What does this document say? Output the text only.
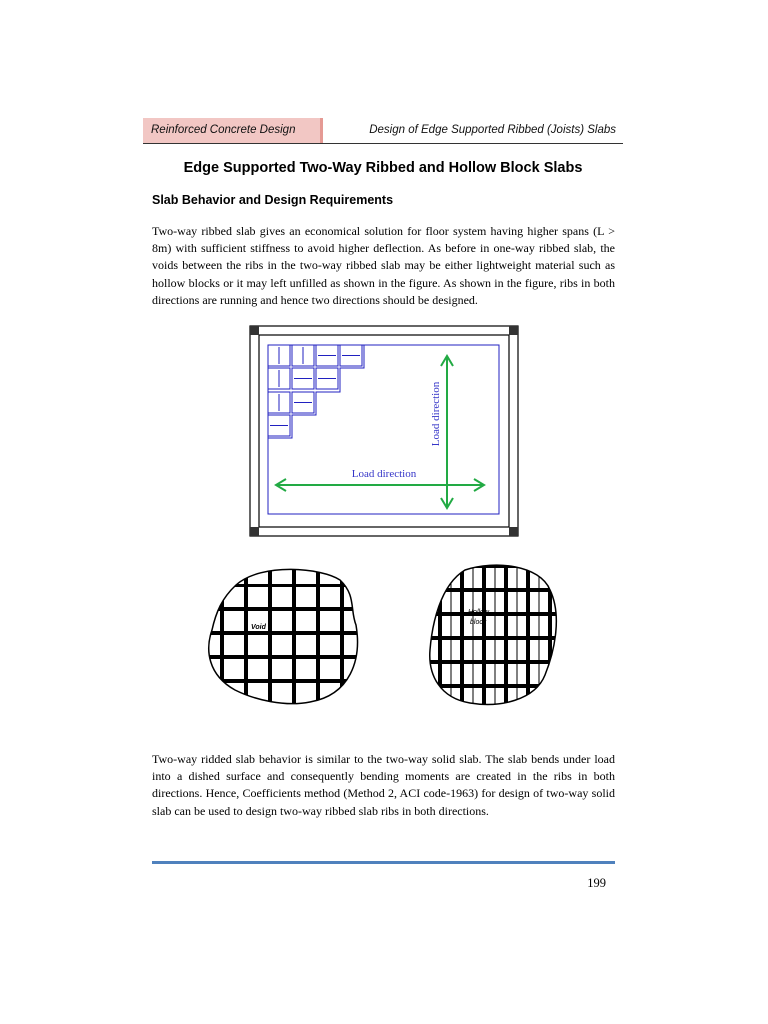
Reinforced Concrete Design	Design of Edge Supported Ribbed (Joists) Slabs
Edge Supported Two-Way Ribbed and Hollow Block Slabs
Slab Behavior and Design Requirements

Two-way ribbed slab gives an economical solution for floor system having higher spans (L > 8m) with sufficient stiffness to avoid higher deflection. As before in one-way ribbed slab, the voids between the ribs in the two-way ribbed slab may be either lightweight material such as hollow blocks or it may left unfilled as shown in the figure. As shown in the figure, ribs in both directions are running and hence two directions should be designed.

Load direction
Load direction
Void
Hollow
block

Two-way ridded slab behavior is similar to the two-way solid slab. The slab bends under load into a dished surface and consequently bending moments are created in the ribs in both directions. Hence, Coefficients method (Method 2, ACI code-1963) for design of two-way solid slab can be used to design two-way ribbed slab ribs in both directions.

199
